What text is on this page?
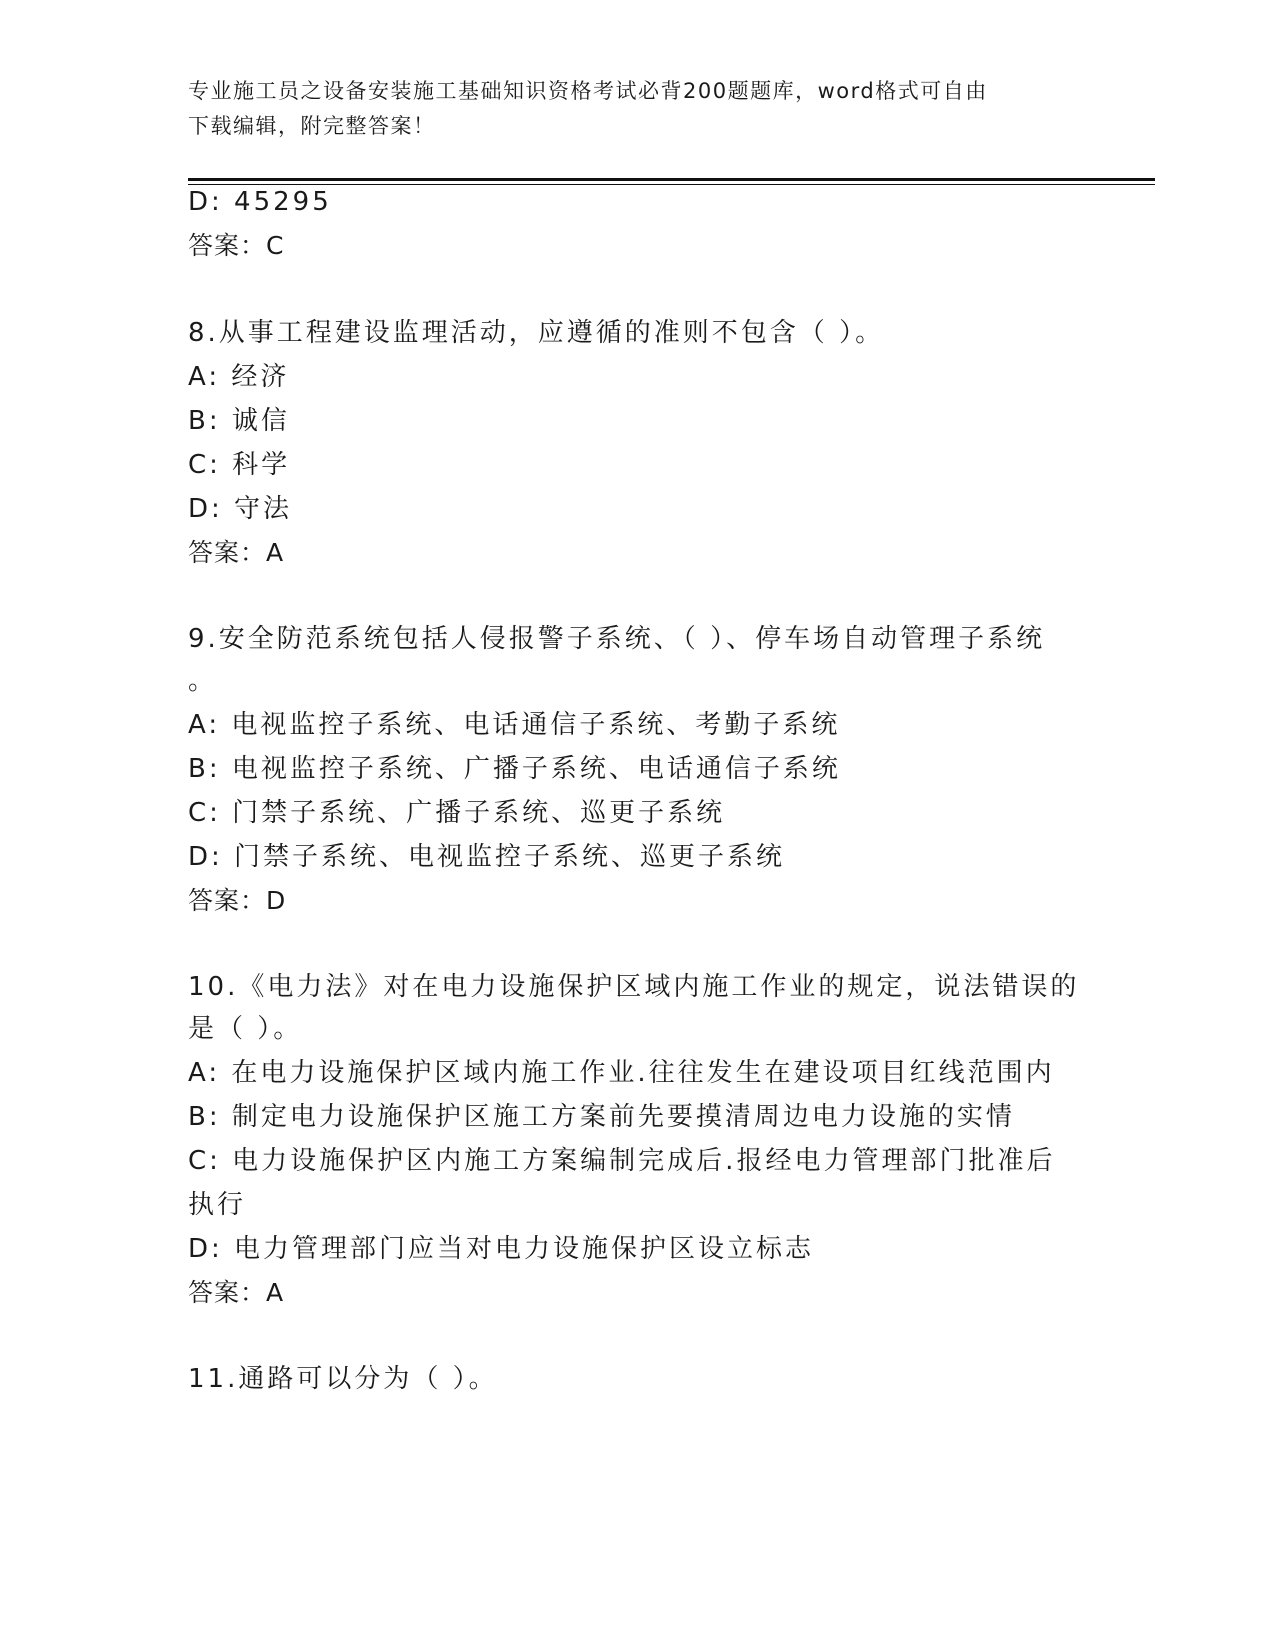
专业施工员之设备安装施工基础知识资格考试必背200题题库，word格式可自由
下载编辑，附完整答案！
D: 45295
答案：C
8.从事工程建设监理活动，应遵循的准则不包含（ ）。
A: 经济
B: 诚信
C: 科学
D: 守法
答案：A
9.安全防范系统包括人侵报警子系统、（ ）、停车场自动管理子系统
。
A: 电视监控子系统、电话通信子系统、考勤子系统
B: 电视监控子系统、广播子系统、电话通信子系统
C: 门禁子系统、广播子系统、巡更子系统
D: 门禁子系统、电视监控子系统、巡更子系统
答案：D
10.《电力法》对在电力设施保护区域内施工作业的规定，说法错误的
是（ ）。
A: 在电力设施保护区域内施工作业.往往发生在建设项目红线范围内
B: 制定电力设施保护区施工方案前先要摸清周边电力设施的实情
C: 电力设施保护区内施工方案编制完成后.报经电力管理部门批准后
执行
D: 电力管理部门应当对电力设施保护区设立标志
答案：A
11.通路可以分为（ ）。
